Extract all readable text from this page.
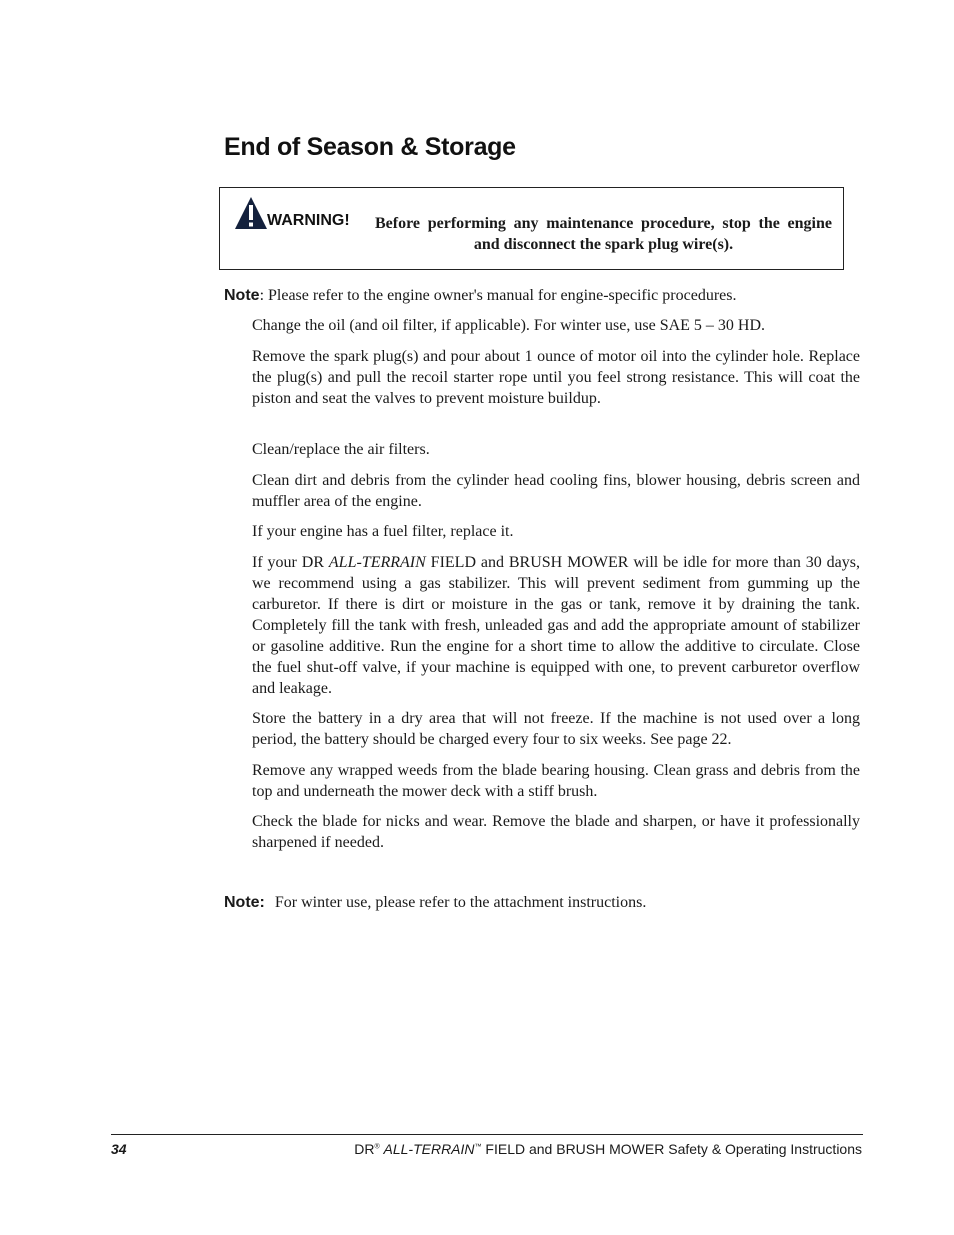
End of Season & Storage
WARNING! Before performing any maintenance procedure, stop the engine and disconnect the spark plug wire(s).
Note: Please refer to the engine owner's manual for engine-specific procedures.

Change the oil (and oil filter, if applicable). For winter use, use SAE 5 – 30 HD.

Remove the spark plug(s) and pour about 1 ounce of motor oil into the cylinder hole. Replace the plug(s) and pull the recoil starter rope until you feel strong resistance. This will coat the piston and seat the valves to prevent moisture buildup.

Clean/replace the air filters.

Clean dirt and debris from the cylinder head cooling fins, blower housing, debris screen and muffler area of the engine.

If your engine has a fuel filter, replace it.

If your DR ALL-TERRAIN FIELD and BRUSH MOWER will be idle for more than 30 days, we recommend using a gas stabilizer. This will prevent sediment from gumming up the carburetor. If there is dirt or moisture in the gas or tank, remove it by draining the tank. Completely fill the tank with fresh, unleaded gas and add the appropriate amount of stabilizer or gasoline additive. Run the engine for a short time to allow the additive to circulate. Close the fuel shut-off valve, if your machine is equipped with one, to prevent carburetor overflow and leakage.

Store the battery in a dry area that will not freeze. If the machine is not used over a long period, the battery should be charged every four to six weeks. See page 22.

Remove any wrapped weeds from the blade bearing housing. Clean grass and debris from the top and underneath the mower deck with a stiff brush.

Check the blade for nicks and wear. Remove the blade and sharpen, or have it professionally sharpened if needed.

Note: For winter use, please refer to the attachment instructions.
34	DR® ALL-TERRAIN™ FIELD and BRUSH MOWER Safety & Operating Instructions
